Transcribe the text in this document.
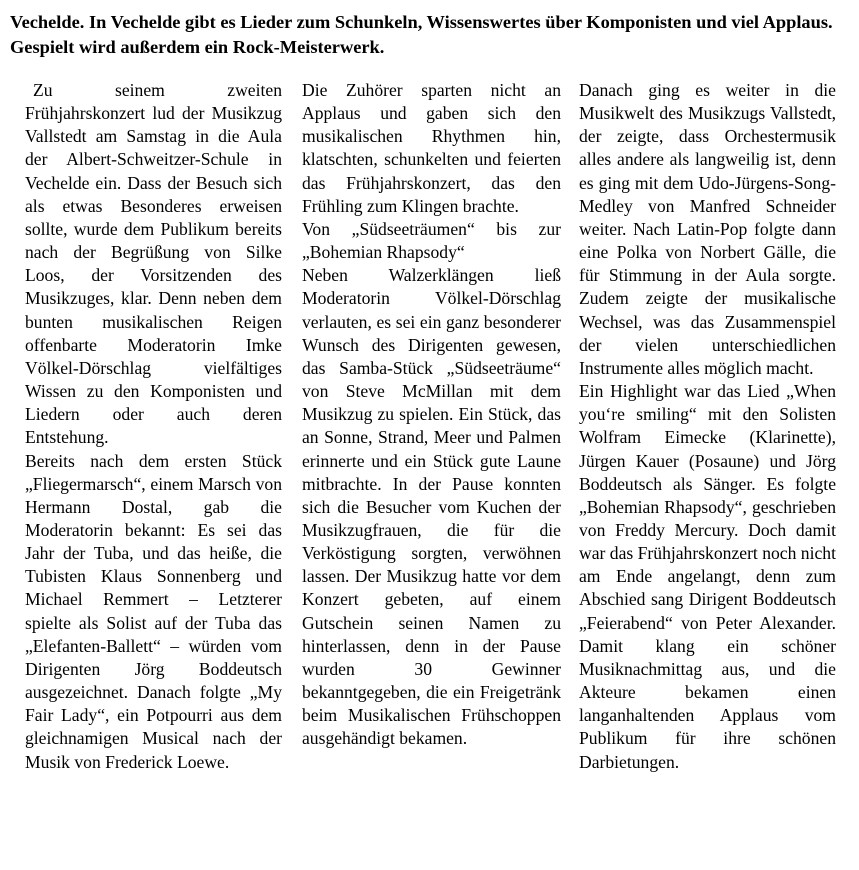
Vechelde. In Vechelde gibt es Lieder zum Schunkeln, Wissenswertes über Komponisten und viel Applaus. Gespielt wird außerdem ein Rock-Meisterwerk.

Zu seinem zweiten Frühjahrskonzert lud der Musikzug Vallstedt am Samstag in die Aula der Albert-Schweitzer-Schule in Vechelde ein. Dass der Besuch sich als etwas Besonderes erweisen sollte, wurde dem Publikum bereits nach der Begrüßung von Silke Loos, der Vorsitzenden des Musikzuges, klar. Denn neben dem bunten musikalischen Reigen offenbarte Moderatorin Imke Völkel-Dörschlag vielfältiges Wissen zu den Komponisten und Liedern oder auch deren Entstehung.

Bereits nach dem ersten Stück „Fliegermarsch“, einem Marsch von Hermann Dostal, gab die Moderatorin bekannt: Es sei das Jahr der Tuba, und das heiße, die Tubisten Klaus Sonnenberg und Michael Remmert – Letzterer spielte als Solist auf der Tuba das „Elefanten-Ballett“ – würden vom Dirigenten Jörg Boddeutsch ausgezeichnet. Danach folgte „My Fair Lady“, ein Potpourri aus dem gleichnamigen Musical nach der Musik von Frederick Loewe.

Die Zuhörer sparten nicht an Applaus und gaben sich den musikalischen Rhythmen hin, klatschten, schunkelten und feierten das Frühjahrskonzert, das den Frühling zum Klingen brachte.

Von „Südseeträumen“ bis zur „Bohemian Rhapsody“

Neben Walzerklängen ließ Moderatorin Völkel-Dörschlag verlauten, es sei ein ganz besonderer Wunsch des Dirigenten gewesen, das Samba-Stück „Südseeträume“ von Steve McMillan mit dem Musikzug zu spielen. Ein Stück, das an Sonne, Strand, Meer und Palmen erinnerte und ein Stück gute Laune mitbrachte. In der Pause konnten sich die Besucher vom Kuchen der Musikzugfrauen, die für die Verköstigung sorgten, verwöhnen lassen. Der Musikzug hatte vor dem Konzert gebeten, auf einem Gutschein seinen Namen zu hinterlassen, denn in der Pause wurden 30 Gewinner bekanntgegeben, die ein Freigetränk beim Musikalischen Frühschoppen ausgehändigt bekamen.

Danach ging es weiter in die Musikwelt des Musikzugs Vallstedt, der zeigte, dass Orchestermusik alles andere als langweilig ist, denn es ging mit dem Udo-Jürgens-Song-Medley von Manfred Schneider weiter. Nach Latin-Pop folgte dann eine Polka von Norbert Gälle, die für Stimmung in der Aula sorgte. Zudem zeigte der musikalische Wechsel, was das Zusammenspiel der vielen unterschiedlichen Instrumente alles möglich macht.

Ein Highlight war das Lied „When you‘re smiling“ mit den Solisten Wolfram Eimecke (Klarinette), Jürgen Kauer (Posaune) und Jörg Boddeutsch als Sänger. Es folgte „Bohemian Rhapsody“, geschrieben von Freddy Mercury. Doch damit war das Frühjahrskonzert noch nicht am Ende angelangt, denn zum Abschied sang Dirigent Boddeutsch „Feierabend“ von Peter Alexander. Damit klang ein schöner Musiknachmittag aus, und die Akteure bekamen einen langanhaltenden Applaus vom Publikum für ihre schönen Darbietungen.
